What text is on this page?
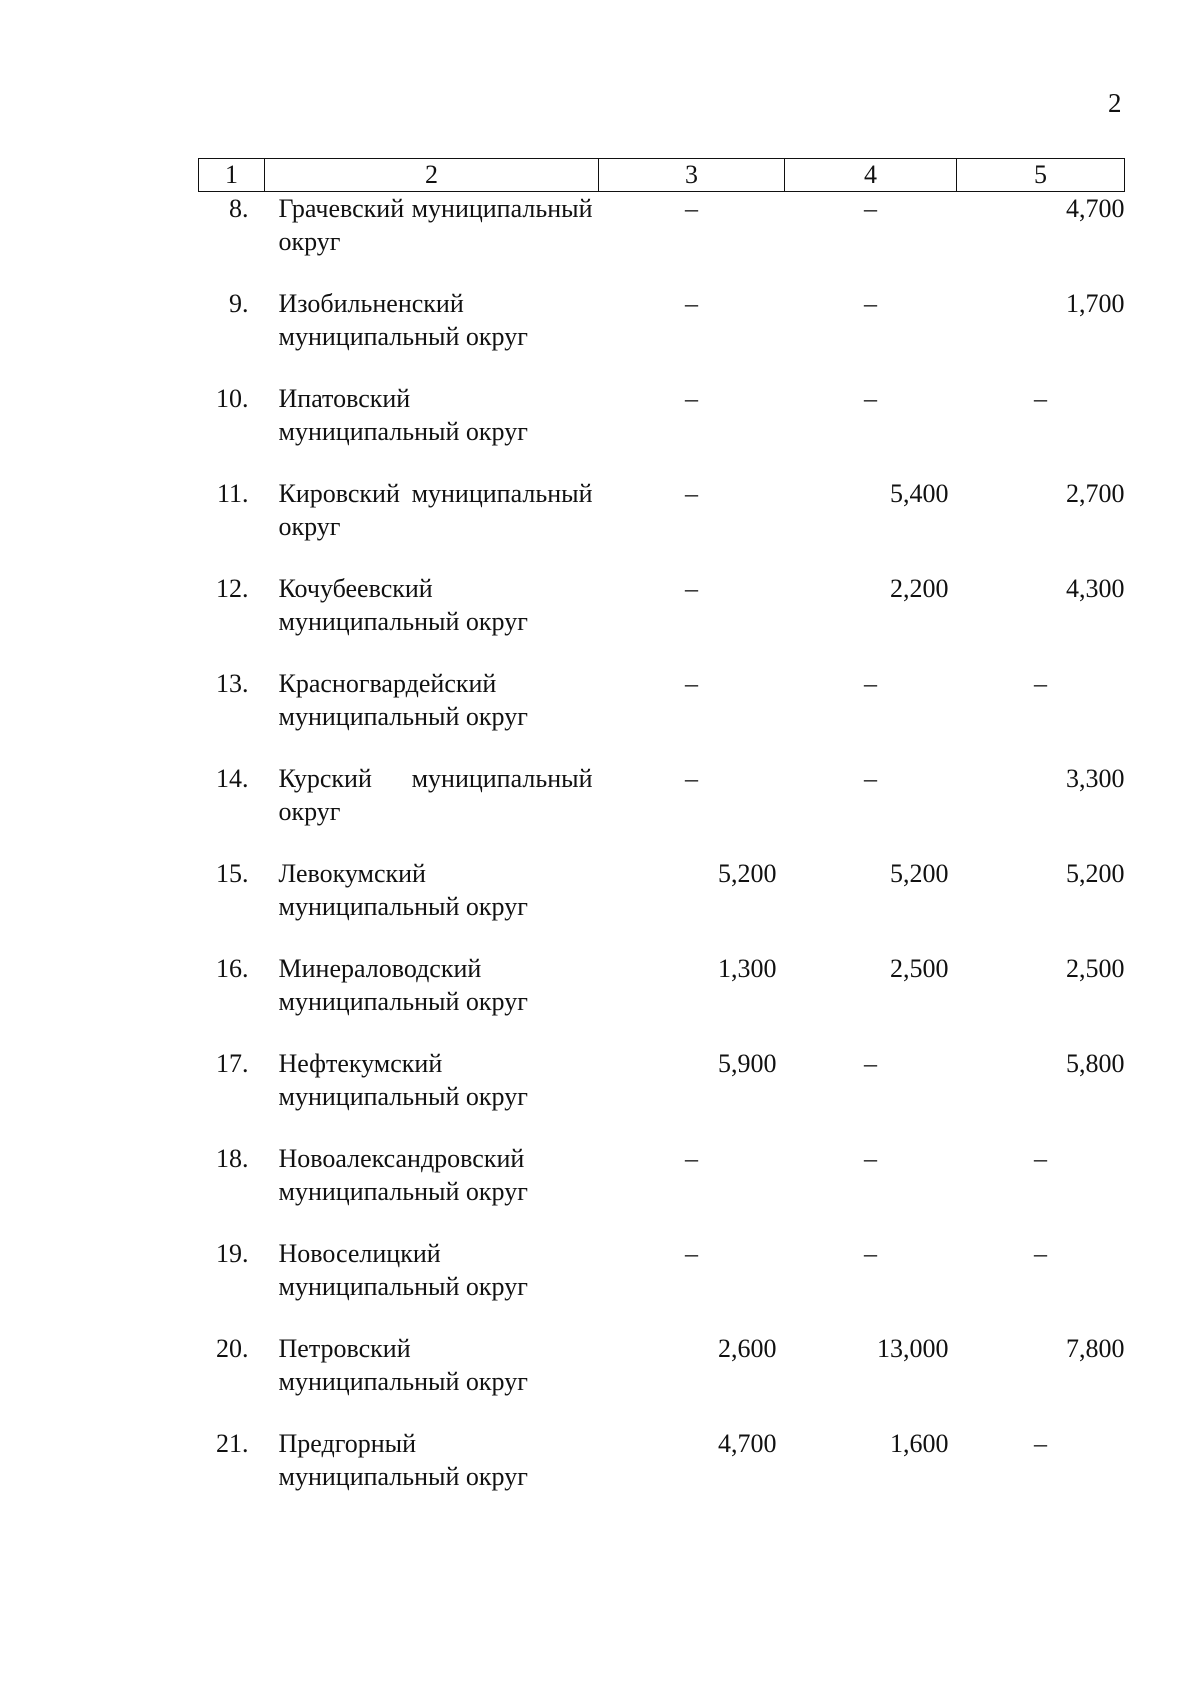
2
1	2	3	4	5
8.	Грачевский муниципальный округ	–	–	4,700
9.	Изобильненский муниципальный округ	–	–	1,700
10.	Ипатовский муниципальный округ	–	–	–
11.	Кировский муниципальный округ	–	5,400	2,700
12.	Кочубеевский муниципальный округ	–	2,200	4,300
13.	Красногвардейский муниципальный округ	–	–	–
14.	Курский муниципальный округ	–	–	3,300
15.	Левокумский муниципальный округ	5,200	5,200	5,200
16.	Минераловодский муниципальный округ	1,300	2,500	2,500
17.	Нефтекумский муниципальный округ	5,900	–	5,800
18.	Новоалександровский муниципальный округ	–	–	–
19.	Новоселицкий муниципальный округ	–	–	–
20.	Петровский муниципальный округ	2,600	13,000	7,800
21.	Предгорный муниципальный округ	4,700	1,600	–
